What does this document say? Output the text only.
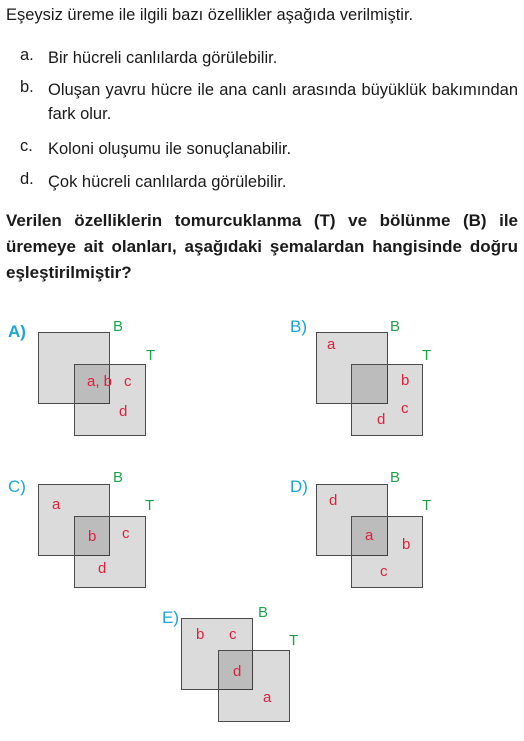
Eşeysiz üreme ile ilgili bazı özellikler aşağıda verilmiştir.
a. Bir hücreli canlılarda görülebilir.
b. Oluşan yavru hücre ile ana canlı arasında büyüklük bakımından fark olur.
c. Koloni oluşumu ile sonuçlanabilir.
d. Çok hücreli canlılarda görülebilir.
Verilen özelliklerin tomurcuklanma (T) ve bölünme (B) ile üremeye ait olanları, aşağıdaki şemalardan hangisinde doğru eşleştirilmiştir?
A)	B
T
a, b c
d
B)	B
T
a
b
c
d
C)	B
T
a
b c
d
D)	B
T
d
a
b
c
E)	B
T
b c
d
a
